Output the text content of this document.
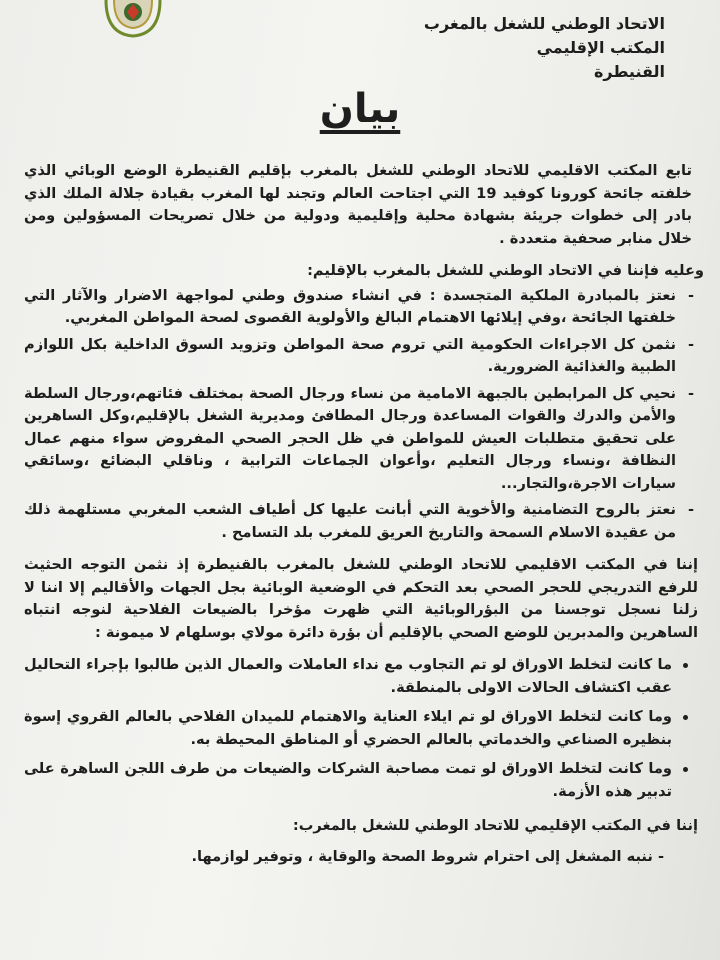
الاتحاد الوطني للشغل بالمغرب
المكتب الإقليمي
القنيطرة
بيان

تابع المكتب الاقليمي للاتحاد الوطني للشغل بالمغرب بإقليم القنيطرة الوضع الوبائي الذي خلفته جائحة كورونا كوفيد 19 التي اجتاحت العالم وتجند لها المغرب بقيادة جلالة الملك الذي بادر إلى خطوات جريئة بشهادة محلية وإقليمية ودولية من خلال تصريحات المسؤولين ومن خلال منابر صحفية متعددة .

وعليه فإننا في الاتحاد الوطني للشغل بالمغرب بالإقليم:

-
نعتز بالمبادرة الملكية المتجسدة : في انشاء صندوق وطني لمواجهة الاضرار والآثار التي خلفتها الجائحة ،وفي إيلائها الاهتمام البالغ والأولوية القصوى لصحة المواطن المغربي.
-
نثمن كل الاجراءات الحكومية التي تروم صحة المواطن وتزويد السوق الداخلية بكل اللوازم الطبية والغذائية الضرورية.
-
نحيي كل المرابطين بالجبهة الامامية من نساء ورجال الصحة بمختلف فئاتهم،ورجال السلطة والأمن والدرك والقوات المساعدة ورجال المطافئ ومديرية الشغل بالإقليم،وكل الساهرين على تحقيق متطلبات العيش للمواطن في ظل الحجر الصحي المفروض سواء منهم عمال النظافة ،ونساء ورجال التعليم ،وأعوان الجماعات الترابية ، وناقلي البضائع ،وسائقي سيارات الاجرة،والتجار...
-
نعتز بالروح التضامنية والأخوية التي أبانت عليها كل أطياف الشعب المغربي مستلهمة ذلك من عقيدة الاسلام السمحة والتاريخ العريق للمغرب بلد التسامح .

إننا في المكتب الاقليمي للاتحاد الوطني للشغل بالمغرب بالقنيطرة إذ نثمن التوجه الحثيث للرفع التدريجي للحجر الصحي بعد التحكم في الوضعية الوبائية بجل الجهات والأقاليم إلا اننا لا زلنا نسجل توجسنا من البؤرالوبائية التي ظهرت مؤخرا بالضيعات الفلاحية لنوجه انتباه الساهرين والمدبرين للوضع الصحي بالإقليم أن بؤرة دائرة مولاي بوسلهام لا ميمونة :

ما كانت لتخلط الاوراق لو تم التجاوب مع نداء العاملات والعمال الذين طالبوا بإجراء التحاليل عقب اكتشاف الحالات الاولى بالمنطقة.
وما كانت لتخلط الاوراق لو تم ايلاء العناية والاهتمام للميدان الفلاحي بالعالم القروي إسوة بنظيره الصناعي والخدماتي بالعالم الحضري أو المناطق المحيطة به.
وما كانت لتخلط الاوراق لو تمت مصاحبة الشركات والضيعات من طرف اللجن الساهرة على تدبير هذه الأزمة.

إننا في المكتب الإقليمي للاتحاد الوطني للشغل بالمغرب:

- ننبه المشغل إلى احترام شروط الصحة والوقاية ، وتوفير لوازمها.
